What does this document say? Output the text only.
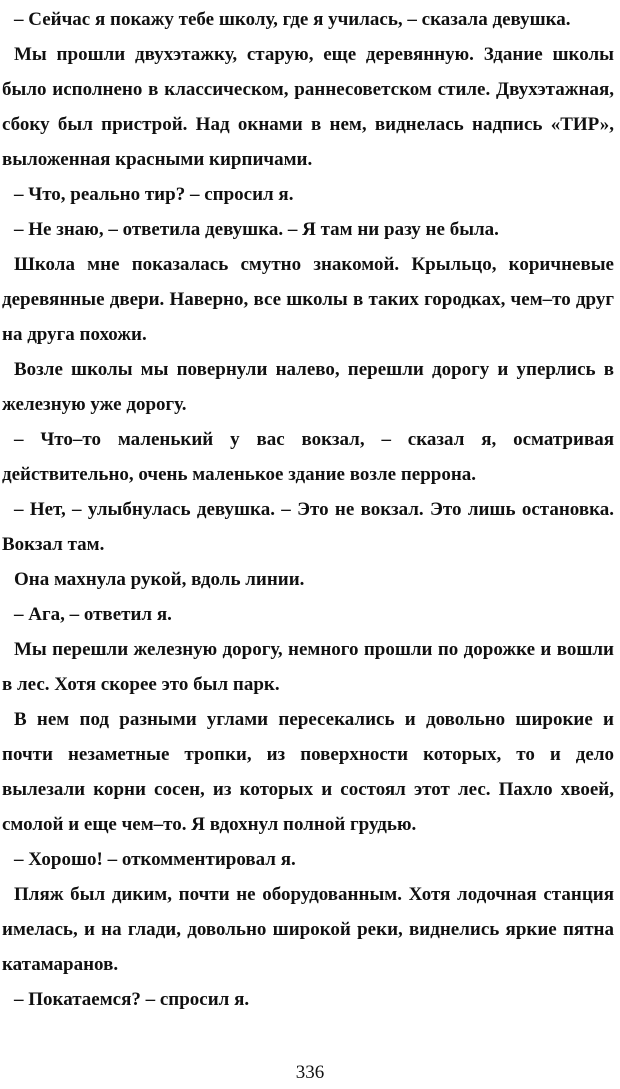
– Сейчас я покажу тебе школу, где я училась, – сказала девушка.

Мы прошли двухэтажку, старую, еще деревянную. Здание школы было исполнено в классическом, раннесоветском стиле. Двухэтажная, сбоку был пристрой. Над окнами в нем, виднелась надпись «ТИР», выложенная красными кирпичами.

– Что, реально тир? – спросил я.

– Не знаю, – ответила девушка. – Я там ни разу не была.

Школа мне показалась смутно знакомой. Крыльцо, коричневые деревянные двери. Наверно, все школы в таких городках, чем–то друг на друга похожи.

Возле школы мы повернули налево, перешли дорогу и уперлись в железную уже дорогу.

– Что–то маленький у вас вокзал, – сказал я, осматривая действительно, очень маленькое здание возле перрона.

– Нет, – улыбнулась девушка. – Это не вокзал. Это лишь остановка. Вокзал там.

Она махнула рукой, вдоль линии.

– Ага, – ответил я.

Мы перешли железную дорогу, немного прошли по дорожке и вошли в лес. Хотя скорее это был парк.

В нем под разными углами пересекались и довольно широкие и почти незаметные тропки, из поверхности которых, то и дело вылезали корни сосен, из которых и состоял этот лес. Пахло хвоей, смолой и еще чем–то. Я вдохнул полной грудью.

– Хорошо! – откомментировал я.

Пляж был диким, почти не оборудованным. Хотя лодочная станция имелась, и на глади, довольно широкой реки, виднелись яркие пятна катамаранов.

– Покатаемся? – спросил я.

336
